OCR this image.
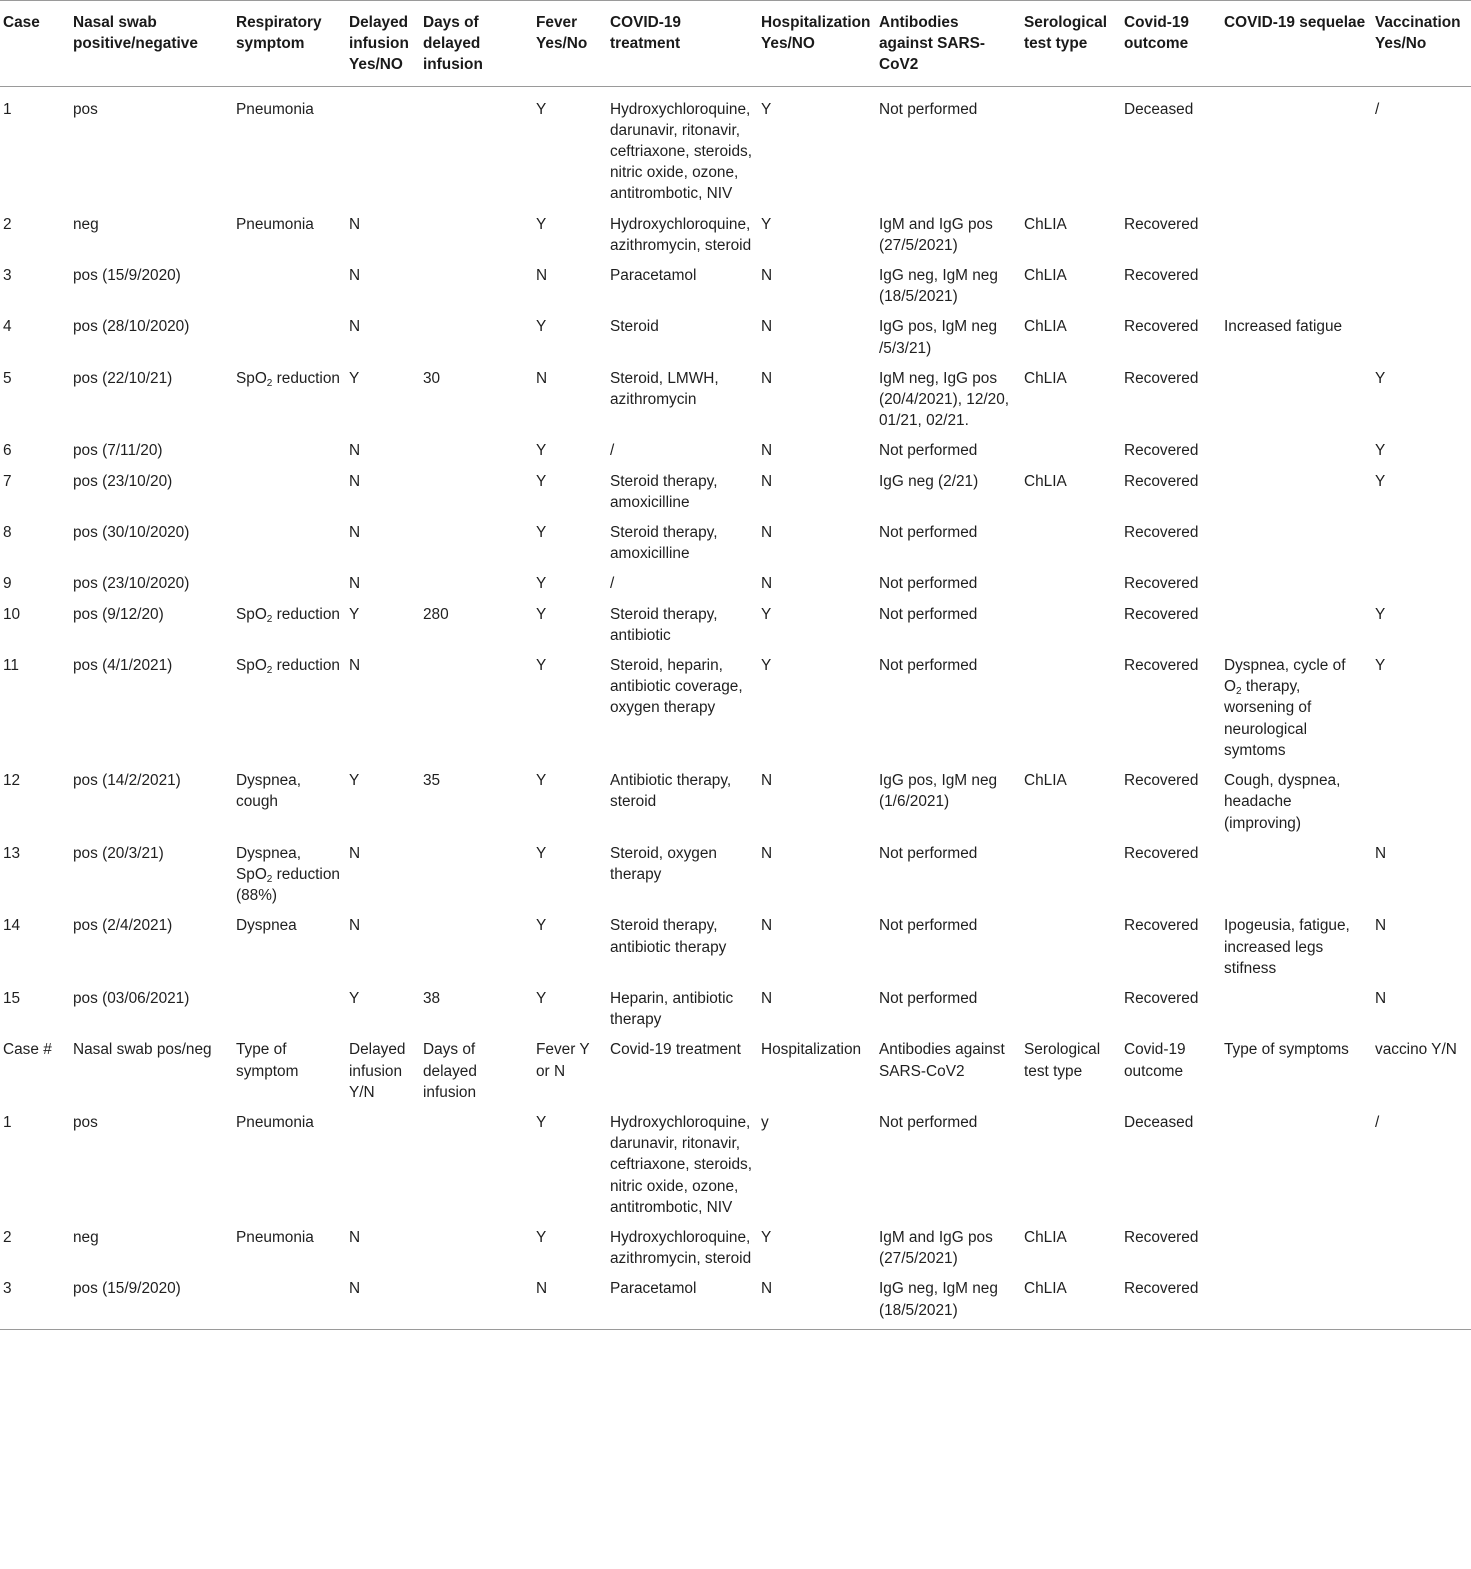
Case	Nasal swab positive/negative	Respiratory symptom	Delayed infusion Yes/NO	Days of delayed infusion	Fever Yes/No	COVID-19 treatment	Hospitalization Yes/NO	Antibodies against SARS-CoV2	Serological test type	Covid-19 outcome	COVID-19 sequelae	Vaccination Yes/No
1	pos	Pneumonia			Y	Hydroxychloroquine, darunavir, ritonavir, ceftriaxone, steroids, nitric oxide, ozone, antitrombotic, NIV	Y	Not performed		Deceased		/
2	neg	Pneumonia	N		Y	Hydroxychloroquine, azithromycin, steroid	Y	IgM and IgG pos (27/5/2021)	ChLIA	Recovered		
3	pos (15/9/2020)		N		N	Paracetamol	N	IgG neg, IgM neg (18/5/2021)	ChLIA	Recovered		
4	pos (28/10/2020)		N		Y	Steroid	N	IgG pos, IgM neg /5/3/21)	ChLIA	Recovered	Increased fatigue	
5	pos (22/10/21)	SpO$_2$ reduction	Y	30	N	Steroid, LMWH, azithromycin	N	IgM neg, IgG pos (20/4/2021), 12/20, 01/21, 02/21.	ChLIA	Recovered		Y
6	pos (7/11/20)		N		Y	/	N	Not performed		Recovered		Y
7	pos (23/10/20)		N		Y	Steroid therapy, amoxicilline	N	IgG neg (2/21)	ChLIA	Recovered		Y
8	pos (30/10/2020)		N		Y	Steroid therapy, amoxicilline	N	Not performed		Recovered		
9	pos (23/10/2020)		N		Y	/	N	Not performed		Recovered		
10	pos (9/12/20)	SpO$_2$ reduction	Y	280	Y	Steroid therapy, antibiotic	Y	Not performed		Recovered		Y
11	pos (4/1/2021)	SpO$_2$ reduction	N		Y	Steroid, heparin, antibiotic coverage, oxygen therapy	Y	Not performed		Recovered	Dyspnea, cycle of $O_2$ therapy, worsening of neurological symtoms	Y
12	pos (14/2/2021)	Dyspnea, cough	Y	35	Y	Antibiotic therapy, steroid	N	IgG pos, IgM neg (1/6/2021)	ChLIA	Recovered	Cough, dyspnea, headache (improving)	
13	pos (20/3/21)	Dyspnea, SpO$_2$ reduction (88%)	N		Y	Steroid, oxygen therapy	N	Not performed		Recovered		N
14	pos (2/4/2021)	Dyspnea	N		Y	Steroid therapy, antibiotic therapy	N	Not performed		Recovered	Ipogeusia, fatigue, increased legs stifness	N
15	pos (03/06/2021)		Y	38	Y	Heparin, antibiotic therapy	N	Not performed		Recovered		N
Case #	Nasal swab pos/neg	Type of symptom	Delayed infusion Y/N	Days of delayed infusion	Fever Y or N	Covid-19 treatment	Hospitalization	Antibodies against SARS-CoV2	Serological test type	Covid-19 outcome	Type of symptoms	vaccino Y/N
1	pos	Pneumonia			Y	Hydroxychloroquine, darunavir, ritonavir, ceftriaxone, steroids, nitric oxide, ozone, antitrombotic, NIV	y	Not performed		Deceased		/
2	neg	Pneumonia	N		Y	Hydroxychloroquine, azithromycin, steroid	Y	IgM and IgG pos (27/5/2021)	ChLIA	Recovered		
3	pos (15/9/2020)		N		N	Paracetamol	N	IgG neg, IgM neg (18/5/2021)	ChLIA	Recovered		
